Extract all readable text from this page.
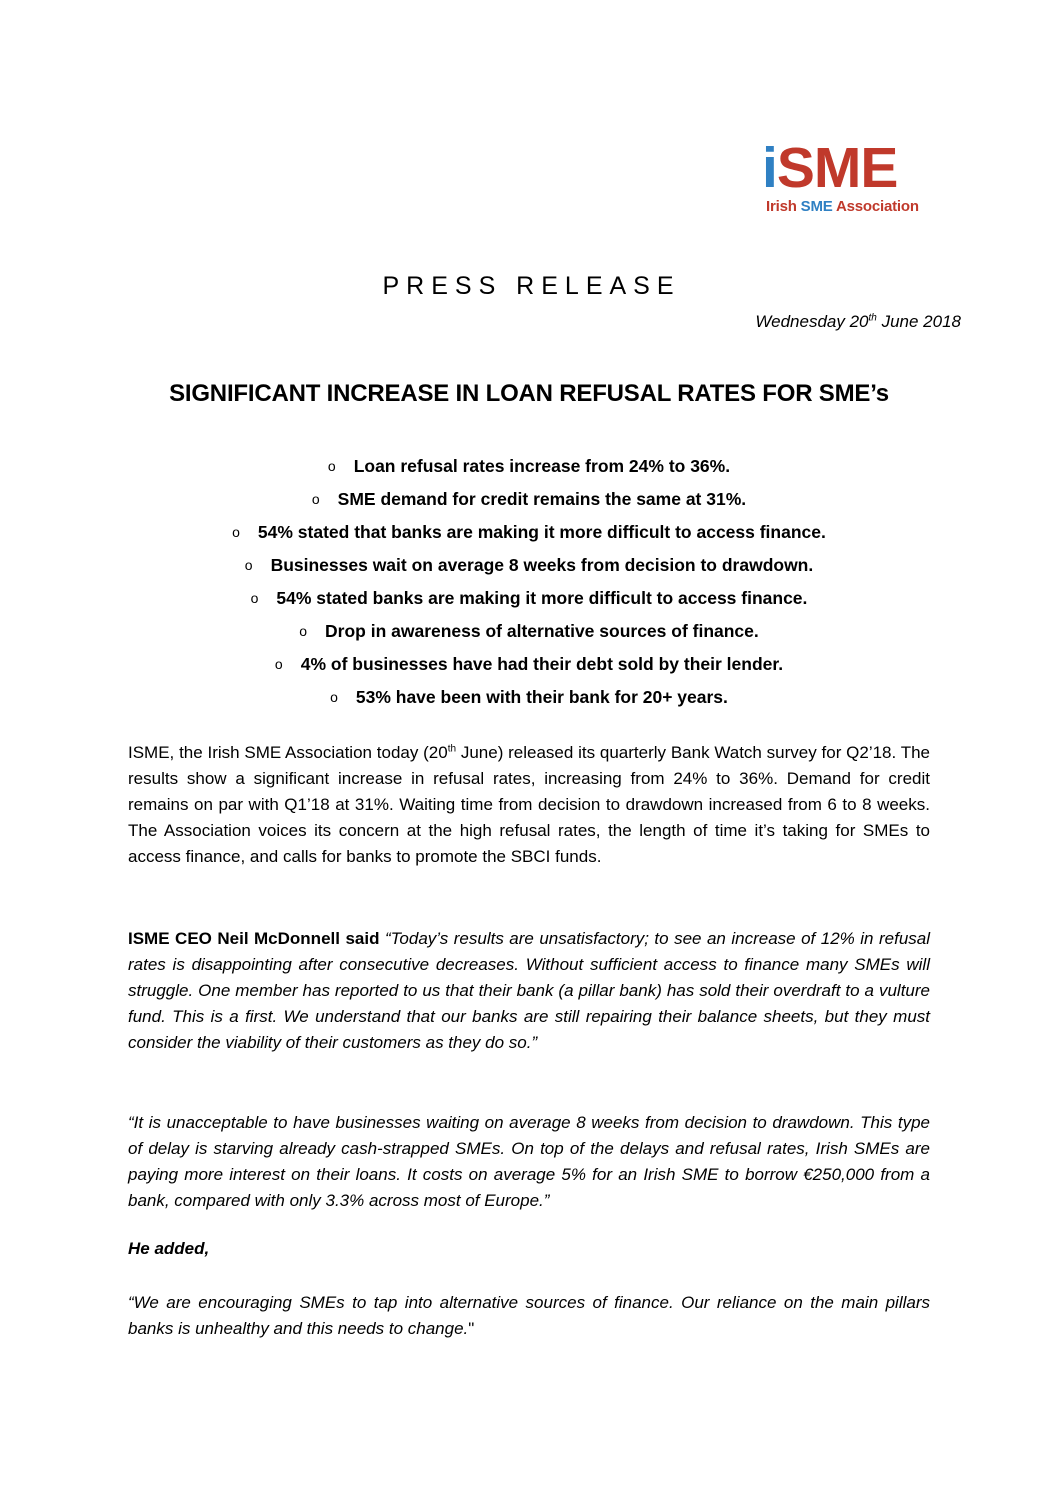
iSME
Irish SME Association
PRESS RELEASE
Wednesday 20th June 2018
SIGNIFICANT INCREASE IN LOAN REFUSAL RATES FOR SME’s
o Loan refusal rates increase from 24% to 36%.
o SME demand for credit remains the same at 31%.
o 54% stated that banks are making it more difficult to access finance.
o Businesses wait on average 8 weeks from decision to drawdown.
o 54% stated banks are making it more difficult to access finance.
o Drop in awareness of alternative sources of finance.
o 4% of businesses have had their debt sold by their lender.
o 53% have been with their bank for 20+ years.

ISME, the Irish SME Association today (20th June) released its quarterly Bank Watch survey for Q2’18. The results show a significant increase in refusal rates, increasing from 24% to 36%. Demand for credit remains on par with Q1’18 at 31%. Waiting time from decision to drawdown increased from 6 to 8 weeks. The Association voices its concern at the high refusal rates, the length of time it’s taking for SMEs to access finance, and calls for banks to promote the SBCI funds.

ISME CEO Neil McDonnell said “Today’s results are unsatisfactory; to see an increase of 12% in refusal rates is disappointing after consecutive decreases. Without sufficient access to finance many SMEs will struggle. One member has reported to us that their bank (a pillar bank) has sold their overdraft to a vulture fund. This is a first. We understand that our banks are still repairing their balance sheets, but they must consider the viability of their customers as they do so.”

“It is unacceptable to have businesses waiting on average 8 weeks from decision to drawdown. This type of delay is starving already cash-strapped SMEs. On top of the delays and refusal rates, Irish SMEs are paying more interest on their loans. It costs on average 5% for an Irish SME to borrow €250,000 from a bank, compared with only 3.3% across most of Europe.”

He added,

“We are encouraging SMEs to tap into alternative sources of finance. Our reliance on the main pillars banks is unhealthy and this needs to change."
